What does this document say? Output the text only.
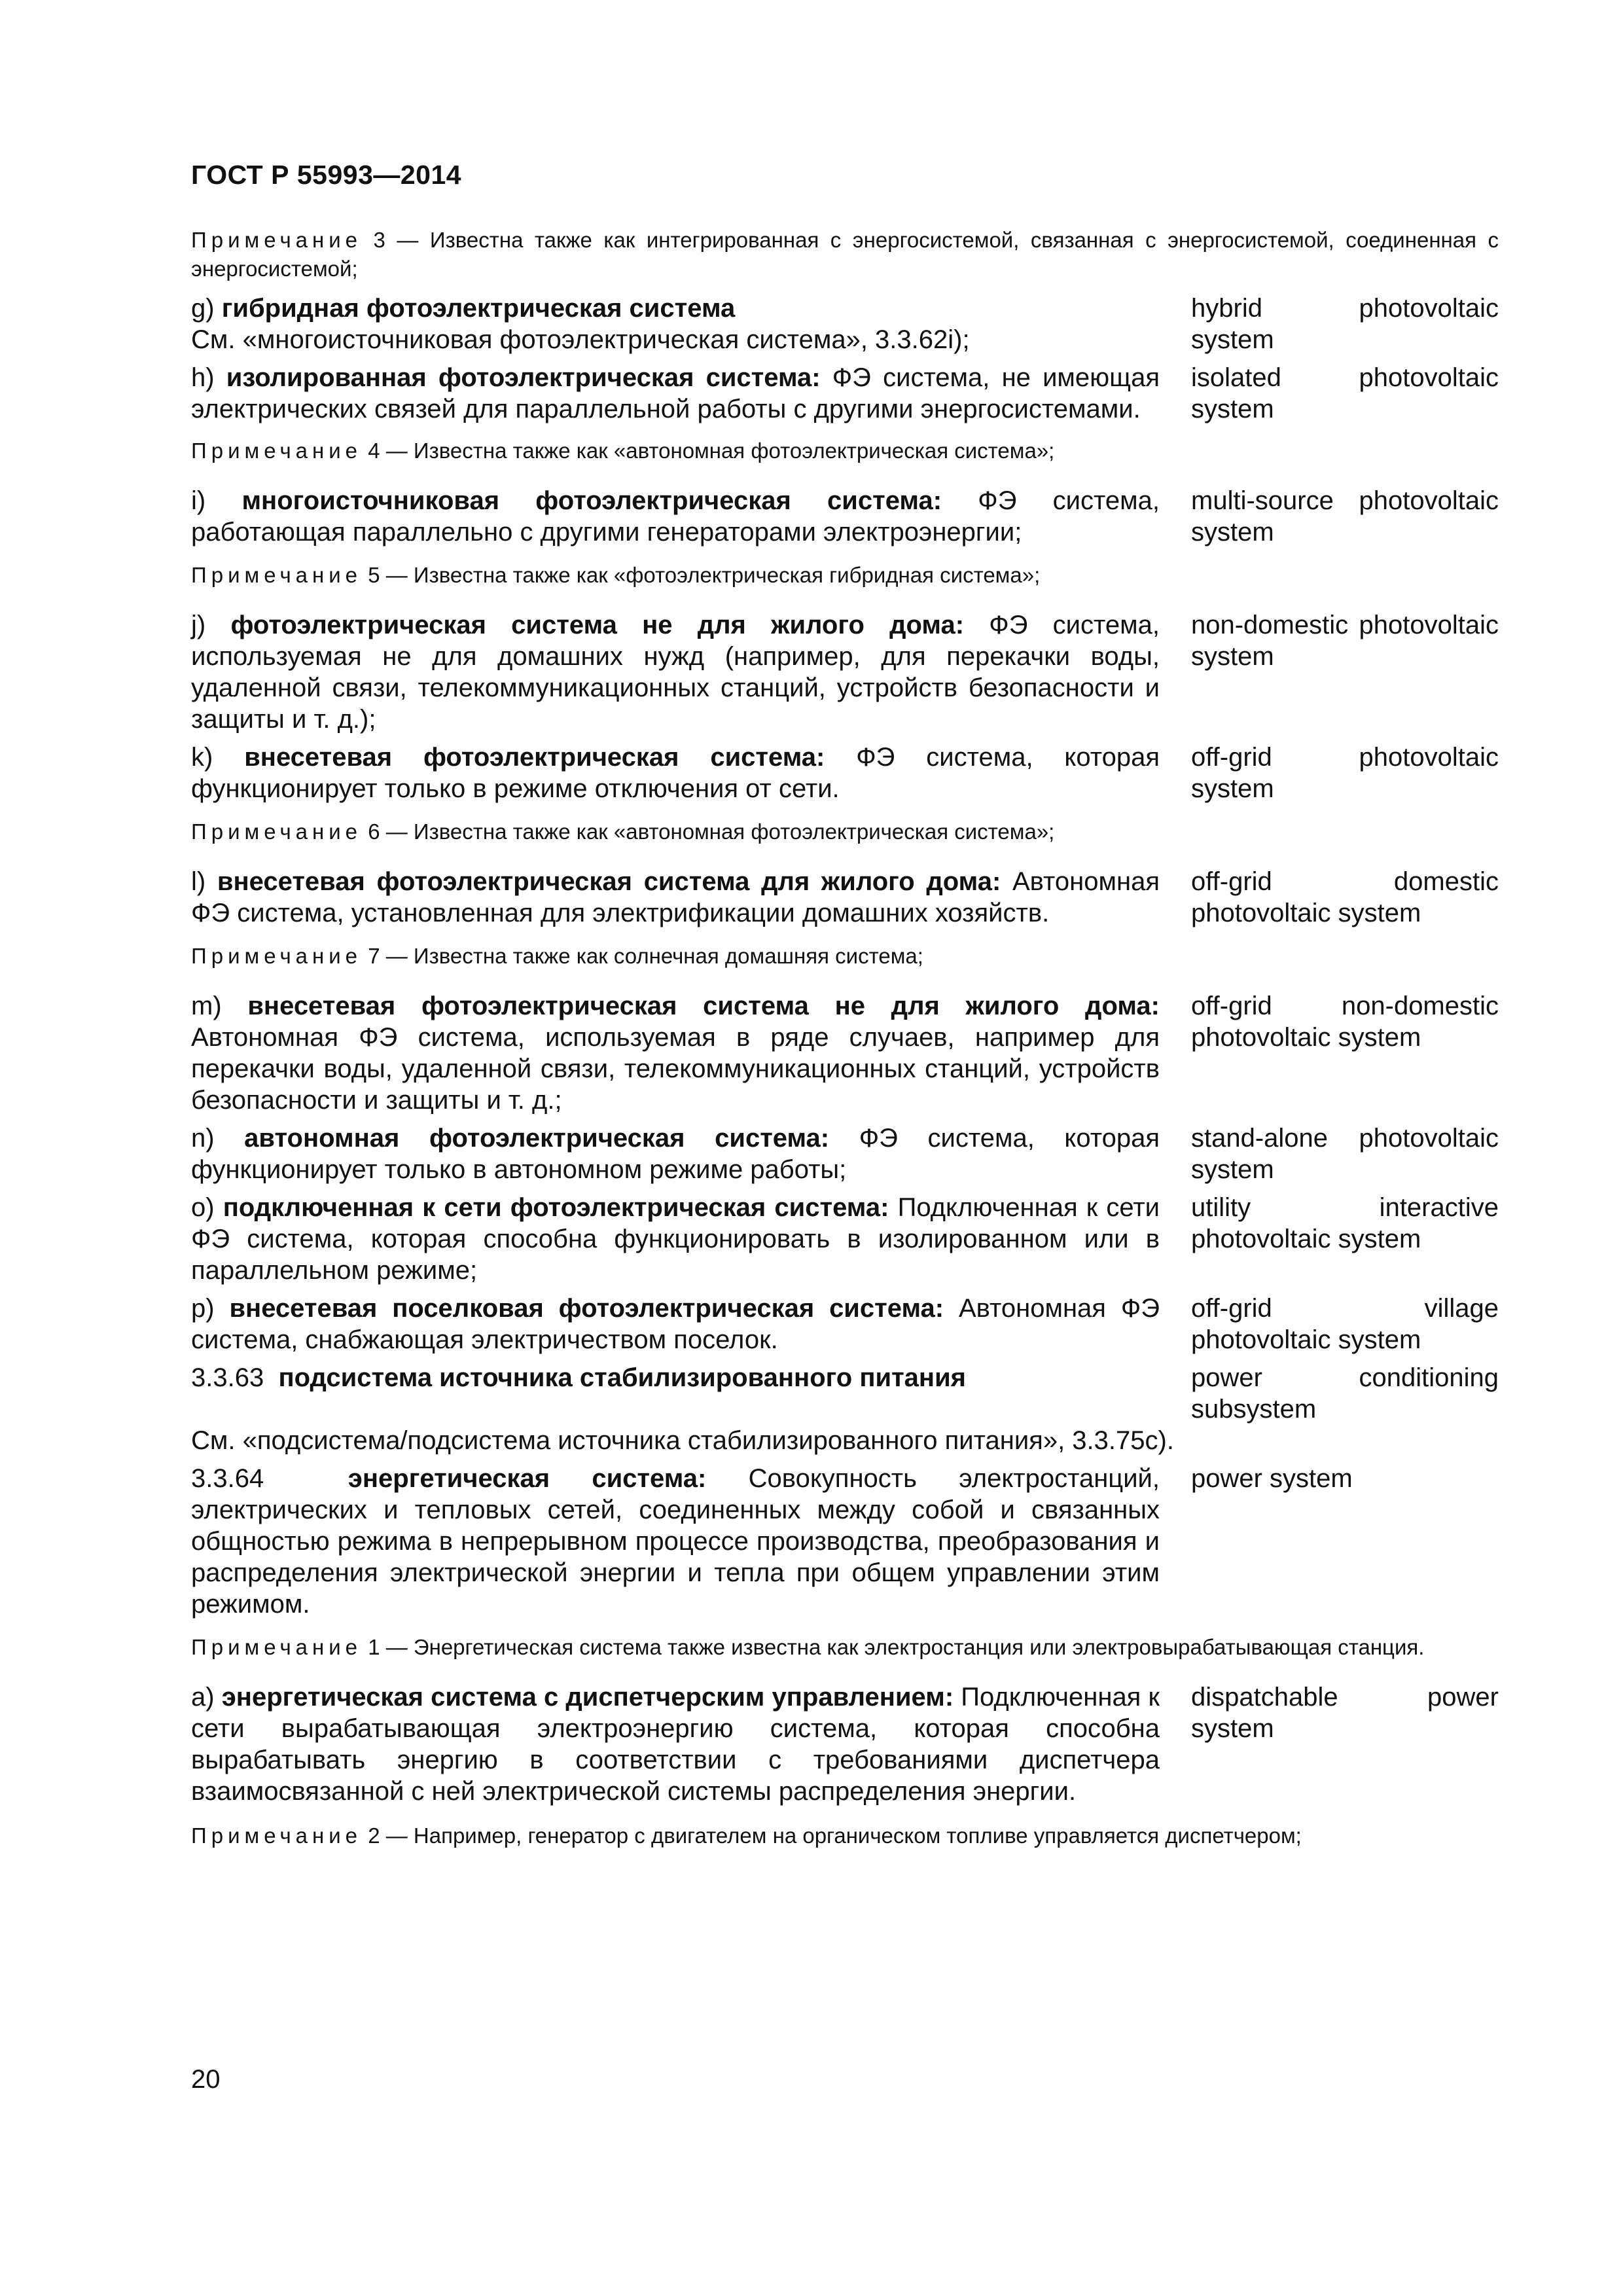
ГОСТ Р 55993—2014
Примечание 3 — Известна также как интегрированная с энергосистемой, связанная с энергосистемой, соединенная с энергосистемой;
g) гибридная фотоэлектрическая система
См. «многоисточниковая фотоэлектрическая система», 3.3.62i);
hybrid photovoltaic system
h) изолированная фотоэлектрическая система: ФЭ система, не имеющая электрических связей для параллельной работы с другими энергосистемами.
isolated photovoltaic system
Примечание 4 — Известна также как «автономная фотоэлектрическая система»;
i) многоисточниковая фотоэлектрическая система: ФЭ система, работающая параллельно с другими генераторами электроэнергии;
multi-source photovoltaic system
Примечание 5 — Известна также как «фотоэлектрическая гибридная система»;
j) фотоэлектрическая система не для жилого дома: ФЭ система, используемая не для домашних нужд (например, для перекачки воды, удаленной связи, телекоммуникационных станций, устройств безопасности и защиты и т. д.);
non-domestic photovoltaic system
k) внесетевая фотоэлектрическая система: ФЭ система, которая функционирует только в режиме отключения от сети.
off-grid photovoltaic system
Примечание 6 — Известна также как «автономная фотоэлектрическая система»;
l) внесетевая фотоэлектрическая система для жилого дома: Автономная ФЭ система, установленная для электрификации домашних хозяйств.
off-grid domestic photovoltaic system
Примечание 7 — Известна также как солнечная домашняя система;
m) внесетевая фотоэлектрическая система не для жилого дома: Автономная ФЭ система, используемая в ряде случаев, например для перекачки воды, удаленной связи, телекоммуникационных станций, устройств безопасности и защиты и т. д.;
off-grid non-domestic photovoltaic system
n) автономная фотоэлектрическая система: ФЭ система, которая функционирует только в автономном режиме работы;
stand-alone photovoltaic system
o) подключенная к сети фотоэлектрическая система: Подключенная к сети ФЭ система, которая способна функционировать в изолированном или в параллельном режиме;
utility interactive photovoltaic system
p) внесетевая поселковая фотоэлектрическая система: Автономная ФЭ система, снабжающая электричеством поселок.
off-grid village photovoltaic system
3.3.63  подсистема источника стабилизированного питания	power conditioning subsystem
См. «подсистема/подсистема источника стабилизированного питания», 3.3.75c).
3.3.64  энергетическая система: Совокупность электростанций, электрических и тепловых сетей, соединенных между собой и связанных общностью режима в непрерывном процессе производства, преобразования и распределения электрической энергии и тепла при общем управлении этим режимом.
power system
Примечание 1 — Энергетическая система также известна как электростанция или электровырабатывающая станция.
a) энергетическая система с диспетчерским управлением: Подключенная к сети вырабатывающая электроэнергию система, которая способна вырабатывать энергию в соответствии с требованиями диспетчера взаимосвязанной с ней электрической системы распределения энергии.
dispatchable power system
Примечание 2 — Например, генератор с двигателем на органическом топливе управляется диспетчером;
20
